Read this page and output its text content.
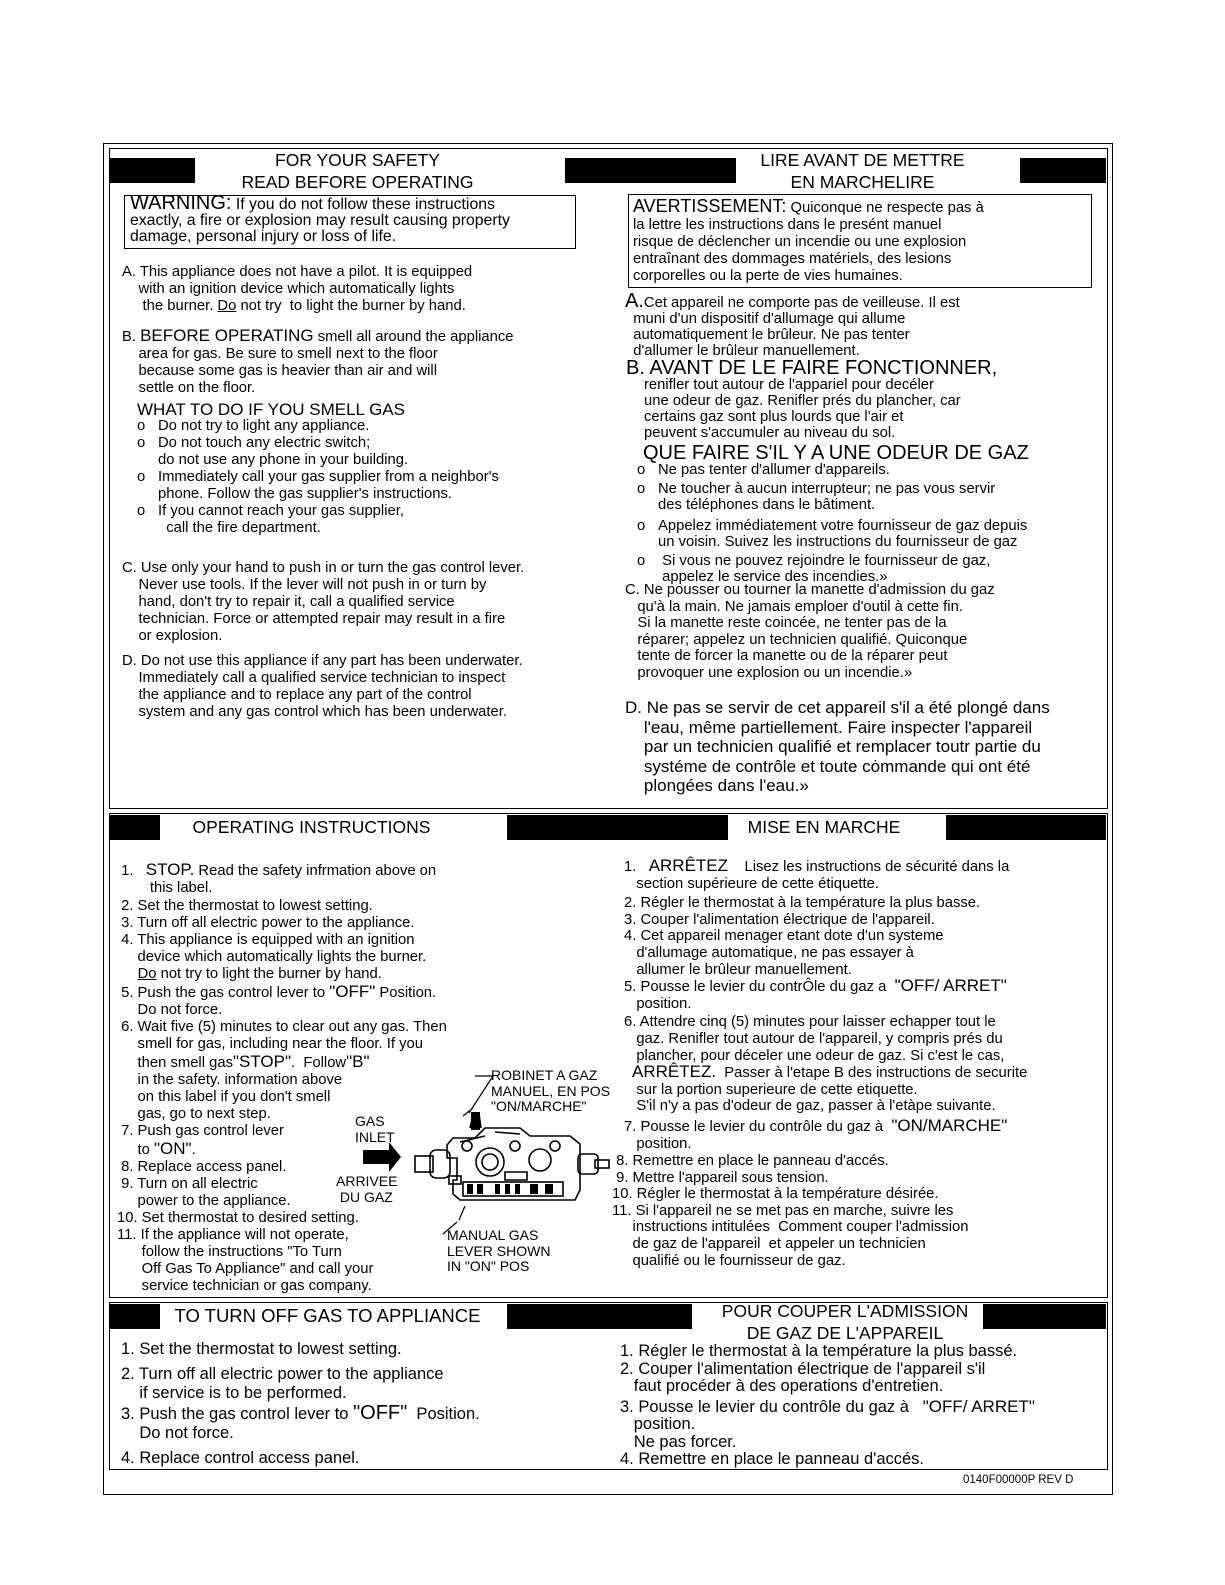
FOR YOUR SAFETY
READ BEFORE OPERATING
LIRE AVANT DE METTRE
EN MARCHELIRE
WARNING: If you do not follow these instructions
exactly, a fire or explosion may result causing property
damage, personal injury or loss of life.
AVERTISSEMENT: Quiconque ne respecte pas à
la lettre les instructions dans le presént manuel
risque de déclencher un incendie ou une explosion
entraînant des dommages matériels, des lesions
corporelles ou la perte de vies humaines.
A. This appliance does not have a pilot. It is equipped
with an ignition device which automatically lights
the burner. Do not try  to light the burner by hand.
B. BEFORE OPERATING smell all around the appliance
area for gas. Be sure to smell next to the floor
because some gas is heavier than air and will
settle on the floor.
WHAT TO DO IF YOU SMELL GAS
o Do not try to light any appliance.
o Do not touch any electric switch;
do not use any phone in your building.
o Immediately call your gas supplier from a neighbor's
phone. Follow the gas supplier's instructions.
o If you cannot reach your gas supplier,
call the fire department.
C. Use only your hand to push in or turn the gas control lever.
Never use tools. If the lever will not push in or turn by
hand, don't try to repair it, call a qualified service
technician. Force or attempted repair may result in a fire
or explosion.
D. Do not use this appliance if any part has been underwater.
Immediately call a qualified service technician to inspect
the appliance and to replace any part of the control
system and any gas control which has been underwater.
A.Cet appareil ne comporte pas de veilleuse. Il est
muni d'un dispositif d'allumage qui allume
automatiquement le brûleur. Ne pas tenter
d'allumer le brûleur manuellement.
B. AVANT DE LE FAIRE FONCTIONNER,
renifler tout autour de l'appariel pour decéler
une odeur de gaz. Renifler prés du plancher, car
certains gaz sont plus lourds que l'air et
peuvent s'accumuler au niveau du sol.
QUE FAIRE S'IL Y A UNE ODEUR DE GAZ
o Ne pas tenter d'allumer d'appareils.
o Ne toucher à aucun interrupteur; ne pas vous servir
des téléphones dans le bâtiment.
o Appelez immédiatement votre fournisseur de gaz depuis
un voisin. Suivez les instructions du fournisseur de gaz
o Si vous ne pouvez rejoindre le fournisseur de gaz,
appelez le service des incendies.»
C. Ne pousser ou tourner la manette d'admission du gaz
qu'à la main. Ne jamais emploer d'outil à cette fin.
Si la manette reste coincée, ne tenter pas de la
réparer; appelez un technicien qualifié. Quiconque
tente de forcer la manette ou de la réparer peut
provoquer une explosion ou un incendie.»
D. Ne pas se servir de cet appareil s'il a été plongé dans
l'eau, même partiellement. Faire inspecter l'appareil
par un technicien qualifié et remplacer toutr partie du
systéme de contrôle et toute cȯmmande qui ont été
plongées dans l'eau.»
OPERATING INSTRUCTIONS	MISE EN MARCHE
1.   STOP. Read the safety infrmation above on
this label.
2. Set the thermostat to lowest setting.
3. Turn off all electric power to the appliance.
4. This appliance is equipped with an ignition
device which automatically lights the burner.
Do not try to light the burner by hand.
5. Push the gas control lever to "OFF" Position.
Do not force.
6. Wait five (5) minutes to clear out any gas. Then
smell for gas, including near the floor. If you
then smell gas"STOP".  Follow"B"
in the safety. information above
on this label if you don't smell
gas, go to next step.
7. Push gas control lever
to "ON".
8. Replace access panel.
9. Turn on all electric
power to the appliance.
10. Set thermostat to desired setting.
11. If the appliance will not operate,
follow the instructions "To Turn
Off Gas To Appliance" and call your
service technician or gas company.
ROBINET A GAZ
MANUEL, EN POS
"ON/MARCHE"
GAS
INLET
ARRIVEE
DU GAZ
MANUAL GAS
LEVER SHOWN
IN "ON" POS
1.   ARRÊTEZ    Lisez les instructions de sécurité dans la
section supérieure de cette étiquette.
2. Régler le thermostat à la température la plus basse.
3. Couper l'alimentation électrique de l'appareil.
4. Cet appareil menager etant dote d'un systeme
d'allumage automatique, ne pas essayer à
allumer le brûleur manuellement.
5. Pousse le levier du contrÔle du gaz a  "OFF/ ARRET"
position.
6. Attendre cinq (5) minutes pour laisser echapper tout le
gaz. Renifler tout autour de l'appareil, y compris prés du
plancher, pour déceler une odeur de gaz. Si c'est le cas,
ARRÊTEZ.  Passer à l'etape B des instructions de securite
sur la portion superieure de cette etiquette.
S'il n'y a pas d'odeur de gaz, passer à l'etàpe suivante.
7. Pousse le levier du contrôle du gaz à  "ON/MARCHE"
position.
8. Remettre en place le panneau d'accés.
9. Mettre l'appareil sous tension.
10. Régler le thermostat à la température désirée.
11. Si l'appareil ne se met pas en marche, suivre les
instructions intitulées  Comment couper l'admission
de gaz de l'appareil  et appeler un technicien
qualifié ou le fournisseur de gaz.
TO TURN OFF GAS TO APPLIANCE	POUR COUPER L'ADMISSION
DE GAZ DE L'APPAREIL
1. Set the thermostat to lowest setting.
2. Turn off all electric power to the appliance
if service is to be performed.
3. Push the gas control lever to "OFF"  Position.
Do not force.
4. Replace control access panel.
1. Régler le thermostat à la température la plus bassé.
2. Couper l'alimentation électrique de l'appareil s'il
faut procéder à des operations d'entretien.
3. Pousse le levier du contrôle du gaz à   "OFF/ ARRET"
position.
Ne pas forcer.
4. Remettre en place le panneau d'accés.
0140F00000P REV D
